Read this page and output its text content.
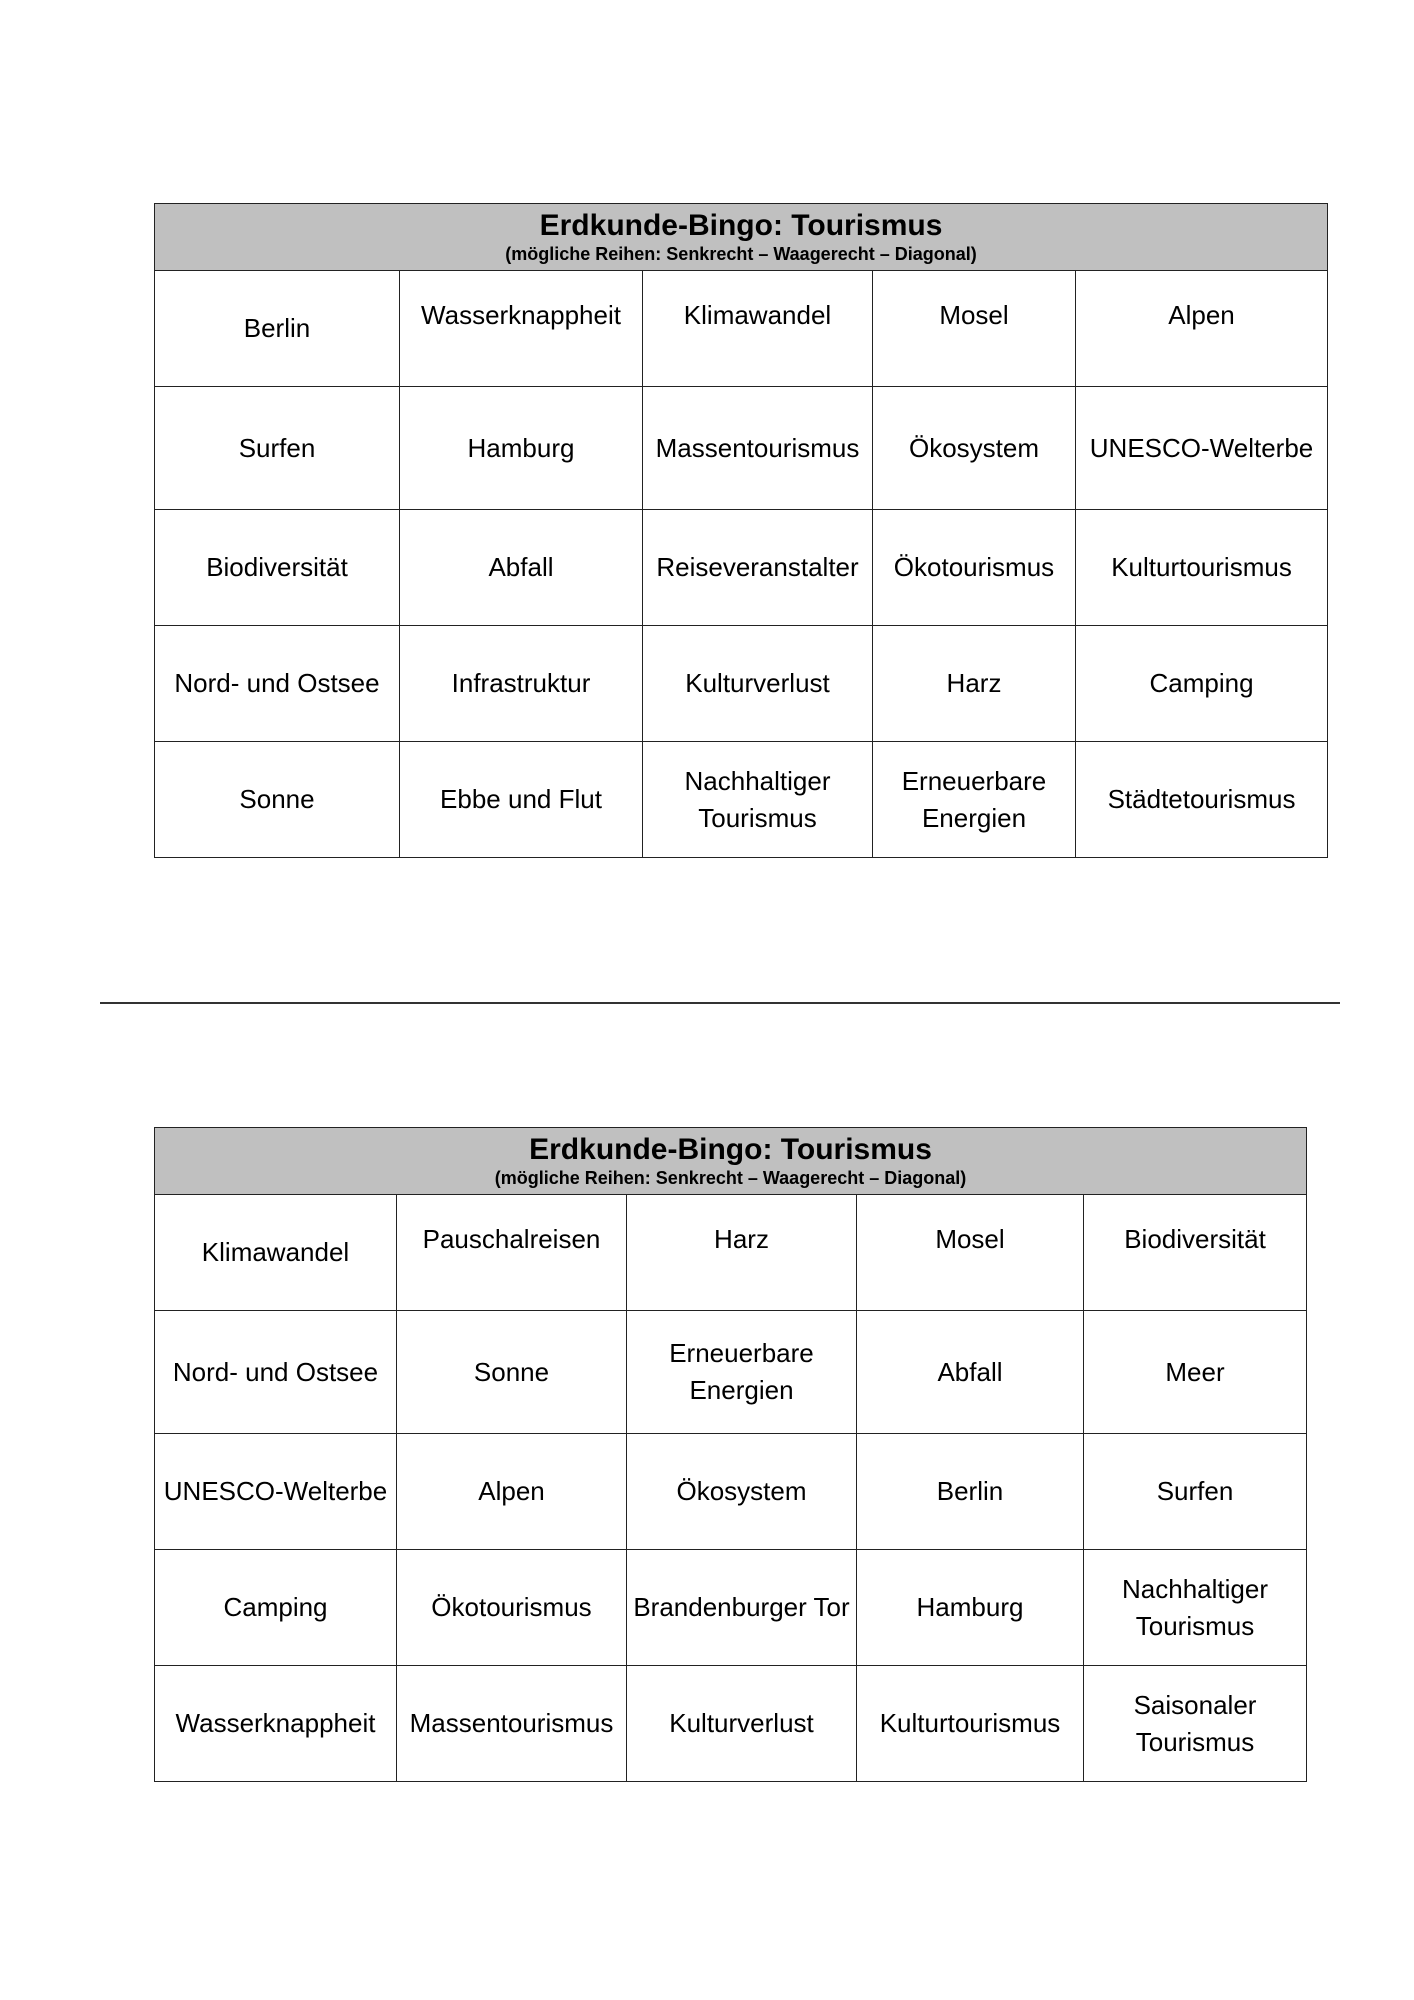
Erdkunde-Bingo: Tourismus
(mögliche Reihen: Senkrecht – Waagerecht – Diagonal)				

Berlin	Wasserknappheit	Klimawandel	Mosel	Alpen
Surfen	Hamburg	Massentourismus	Ökosystem	UNESCO-Welterbe
Biodiversität	Abfall	Reiseveranstalter	Ökotourismus	Kulturtourismus
Nord- und Ostsee	Infrastruktur	Kulturverlust	Harz	Camping
Sonne	Ebbe und Flut	Nachhaltiger Tourismus	Erneuerbare Energien	Städtetourismus
Erdkunde-Bingo: Tourismus
(mögliche Reihen: Senkrecht – Waagerecht – Diagonal)				

Klimawandel	Pauschalreisen	Harz	Mosel	Biodiversität
Nord- und Ostsee	Sonne	Erneuerbare Energien	Abfall	Meer
UNESCO-Welterbe	Alpen	Ökosystem	Berlin	Surfen
Camping	Ökotourismus	Brandenburger Tor	Hamburg	Nachhaltiger Tourismus
Wasserknappheit	Massentourismus	Kulturverlust	Kulturtourismus	Saisonaler Tourismus
